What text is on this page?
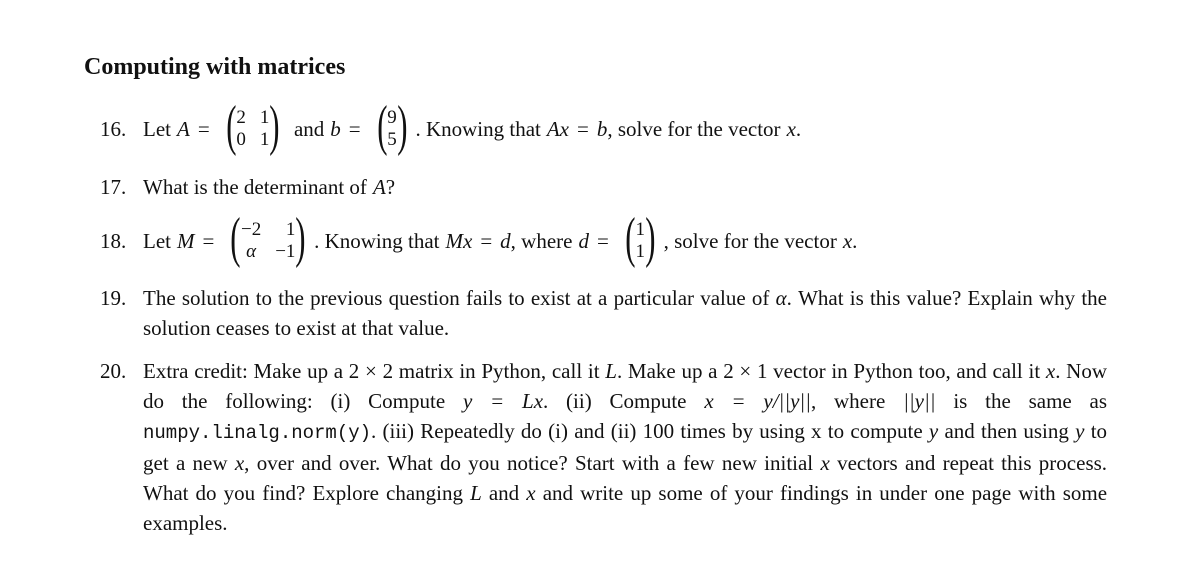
Computing with matrices
16. Let A = ( 2 1
0 1 ) and b = ( 9
5 ) . Knowing that Ax = b , solve for the vector x .
17. What is the determinant of A ?
18. Let M = ( −2	1
α −1 ) . Knowing that Mx = d , where d = ( 1
1 ) , solve for the vector x .
19. The solution to the previous question fails to exist at a particular value of α. What is this value? Explain why the solution ceases to exist at that value.
20. Extra credit: Make up a 2 × 2 matrix in Python, call it L. Make up a 2 × 1 vector in Python too, and call it x. Now do the following: (i) Compute y = Lx. (ii) Compute x = y/||y||, where ||y|| is the same as numpy.linalg.norm(y). (iii) Repeatedly do (i) and (ii) 100 times by using x to compute y and then using y to get a new x, over and over. What do you notice? Start with a few new initial x vectors and repeat this process. What do you find? Explore changing L and x and write up some of your findings in under one page with some examples.
